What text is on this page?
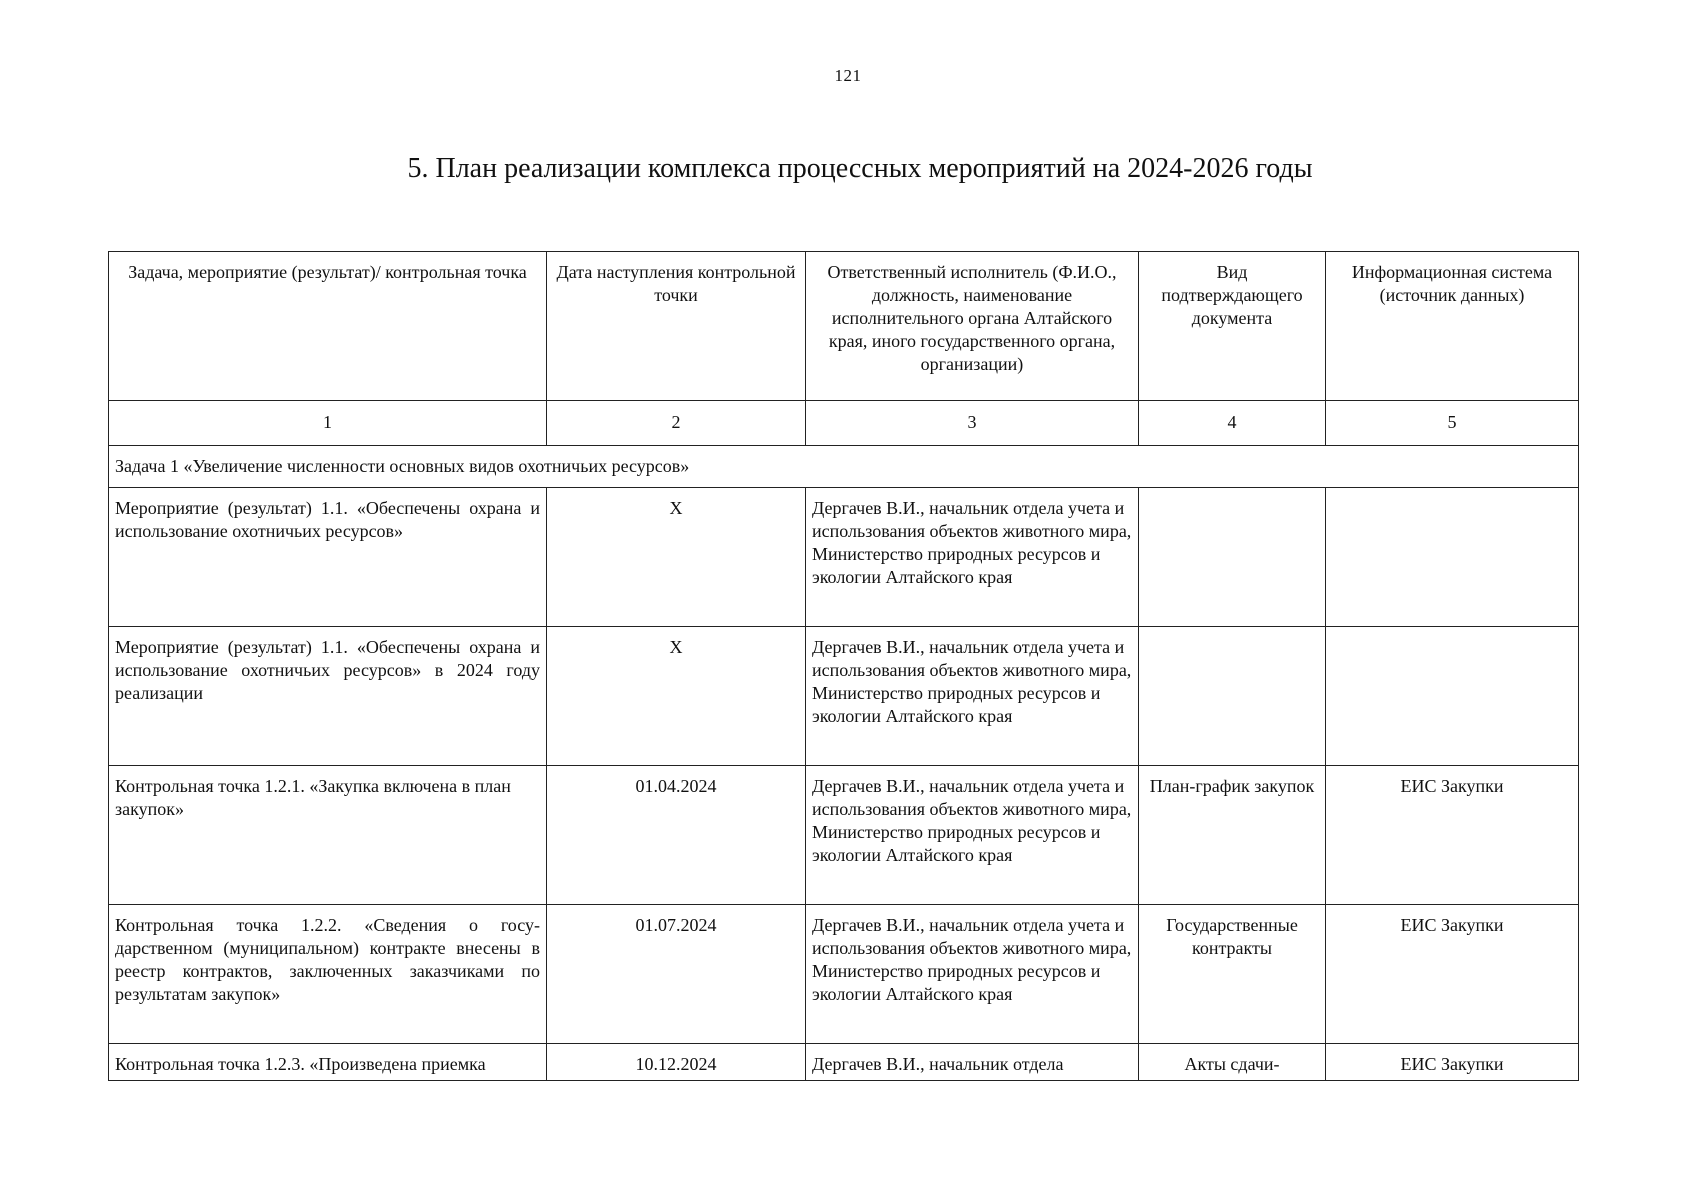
121
5. План реализации комплекса процессных мероприятий на 2024-2026 годы
Задача, мероприятие (результат)/ контрольная точка	Дата наступления контрольной точки	Ответственный исполнитель (Ф.И.О., должность, наименование исполнительного органа Алтайского края, иного государственного органа, организации)	Вид подтверждающего документа	Информационная система (источник данных)
1	2	3	4	5
Задача 1 «Увеличение численности основных видов охотничьих ресурсов»				
Мероприятие (результат) 1.1. «Обеспечены охрана и использование охотничьих ресурсов»	X	Дергачев В.И., начальник отдела учета и использования объектов животного мира, Министерство природных ресурсов и экологии Алтайского края		
Мероприятие (результат) 1.1. «Обеспечены охрана и использование охотничьих ресурсов» в 2024 году реализации	X	Дергачев В.И., начальник отдела учета и использования объектов животного мира, Министерство природных ресурсов и экологии Алтайского края		
Контрольная точка 1.2.1. «Закупка включена в план закупок»	01.04.2024	Дергачев В.И., начальник отдела учета и использования объектов животного мира, Министерство природных ресурсов и экологии Алтайского края	План-график закупок	ЕИС Закупки
Контрольная точка 1.2.2. «Сведения о госу-дарственном (муниципальном) контракте внесены в реестр контрактов, заключенных заказчиками по результатам закупок»	01.07.2024	Дергачев В.И., начальник отдела учета и использования объектов животного мира, Министерство природных ресурсов и экологии Алтайского края	Государственные контракты	ЕИС Закупки
Контрольная точка 1.2.3. «Произведена приемка	10.12.2024	Дергачев В.И., начальник отдела	Акты сдачи-	ЕИС Закупки
